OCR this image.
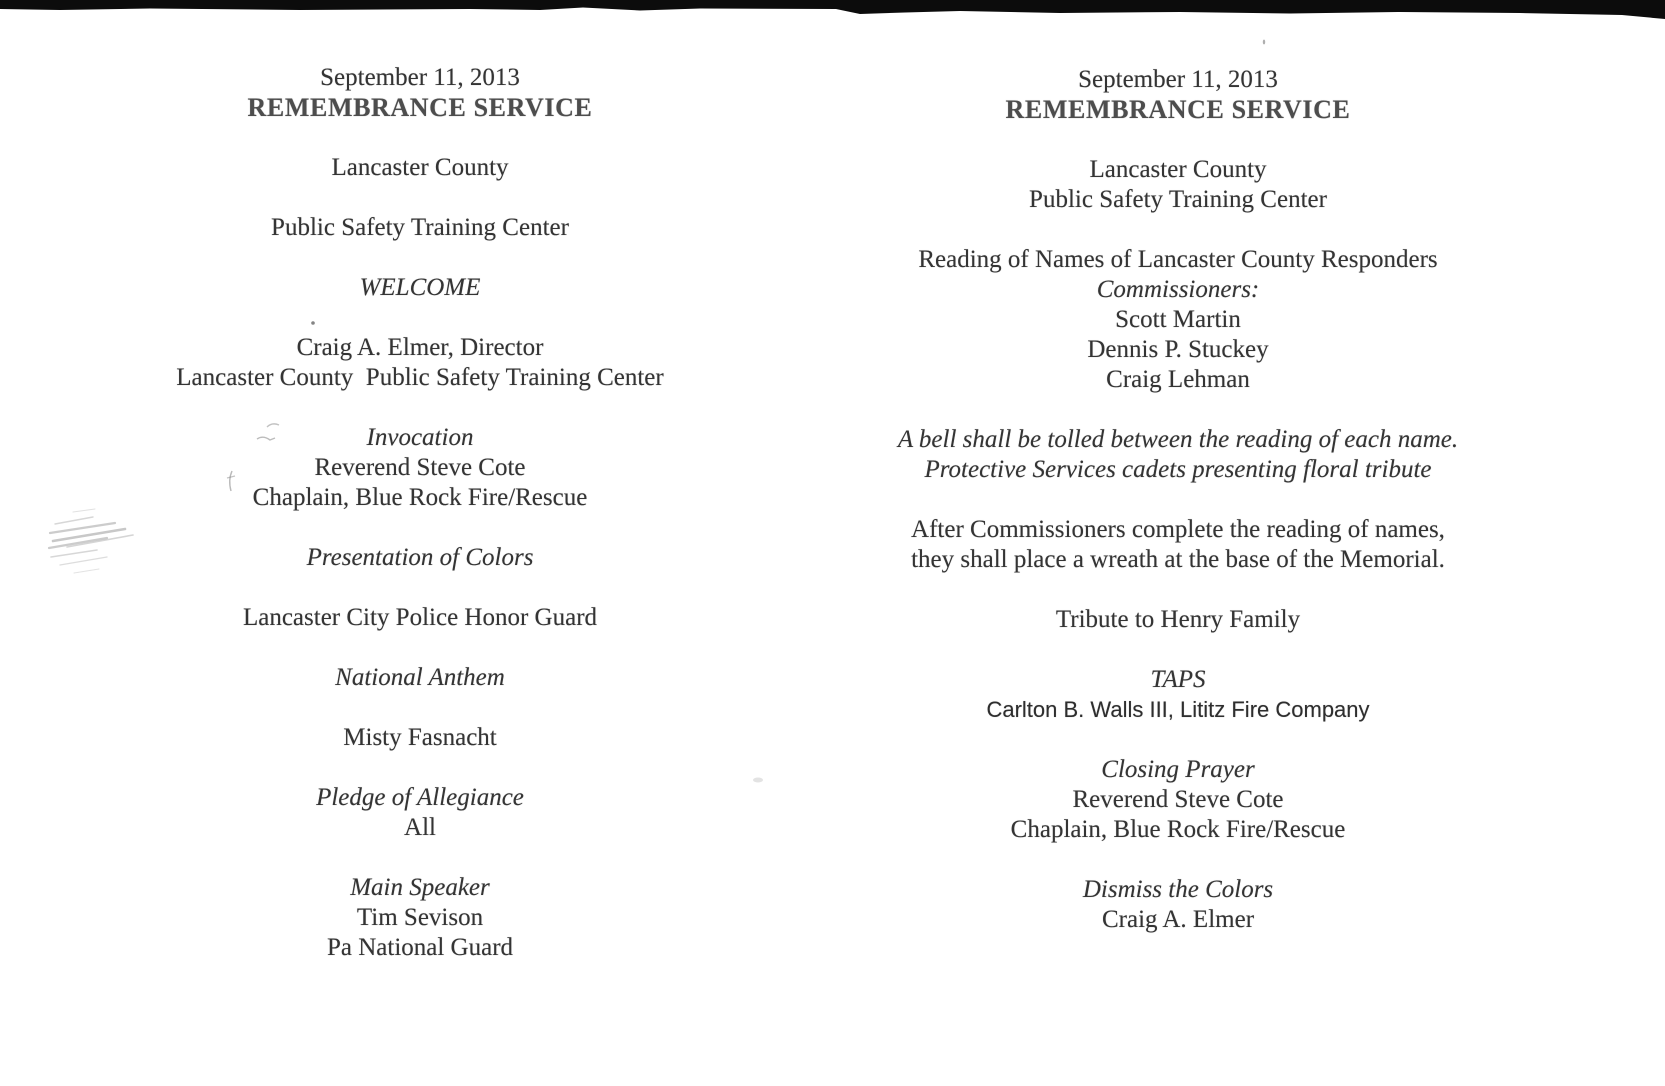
September 11, 2013
REMEMBRANCE SERVICE
Lancaster County
Public Safety Training Center
WELCOME
Craig A. Elmer, Director
Lancaster County  Public Safety Training Center
Invocation
Reverend Steve Cote
Chaplain, Blue Rock Fire/Rescue
Presentation of Colors
Lancaster City Police Honor Guard
National Anthem
Misty Fasnacht
Pledge of Allegiance
All
Main Speaker
Tim Sevison
Pa National Guard
September 11, 2013
REMEMBRANCE SERVICE
Lancaster County
Public Safety Training Center
Reading of Names of Lancaster County Responders
Commissioners:
Scott Martin
Dennis P. Stuckey
Craig Lehman
A bell shall be tolled between the reading of each name.
Protective Services cadets presenting floral tribute
After Commissioners complete the reading of names,
they shall place a wreath at the base of the Memorial.
Tribute to Henry Family
TAPS
Carlton B. Walls III, Lititz Fire Company
Closing Prayer
Reverend Steve Cote
Chaplain, Blue Rock Fire/Rescue
Dismiss the Colors
Craig A. Elmer
